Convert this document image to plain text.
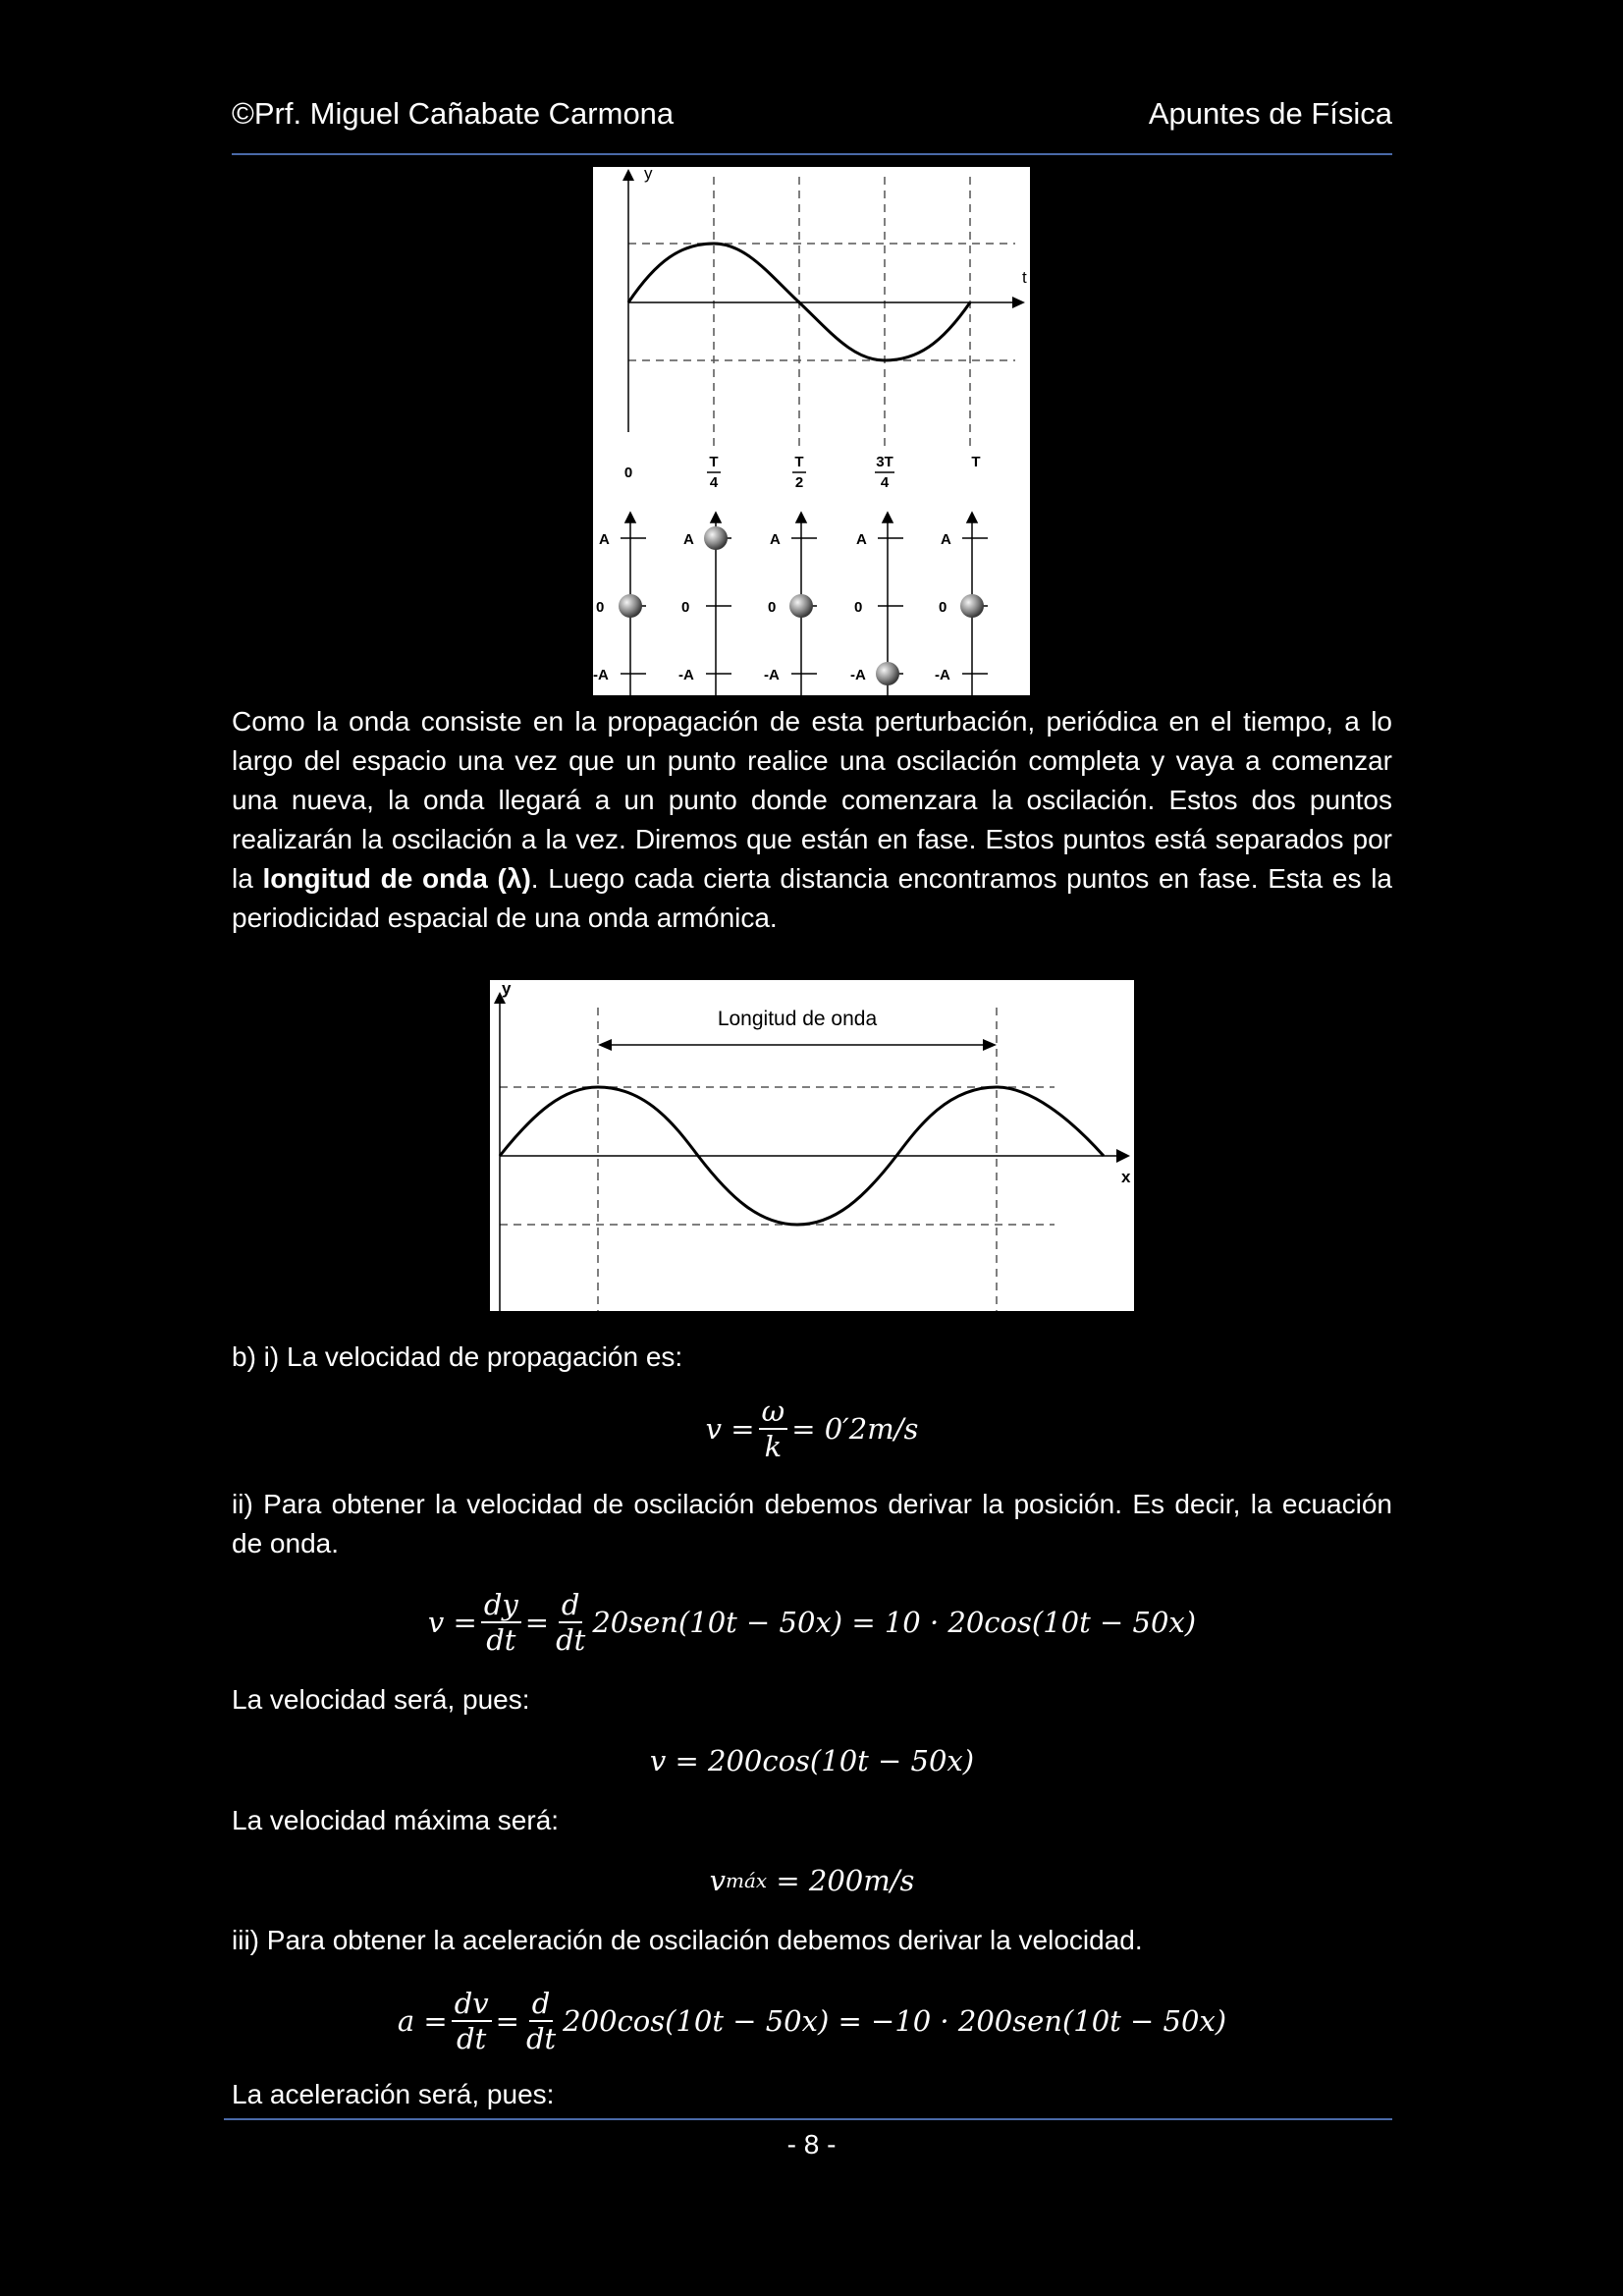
©Prf. Miguel Cañabate Carmona	Apuntes de Física
y
t
0
T
4
T
2
3T
4
T
A
0
-A
A
0
-A
A
0
-A
A
0
-A
A
0
-A

Como la onda consiste en la propagación de esta perturbación, periódica en el tiempo, a lo largo del espacio una vez que un punto realice una oscilación completa y vaya a comenzar una nueva, la onda llegará a un punto donde comenzara la oscilación. Estos dos puntos realizarán la oscilación a la vez. Diremos que están en fase. Estos puntos está separados por la longitud de onda (λ). Luego cada cierta distancia encontramos puntos en fase. Esta es la periodicidad espacial de una onda armónica.

y
x
Longitud de onda

b) i) La velocidad de propagación es:

$v = \frac{\omega}{k} = 0'2m/s$

ii) Para obtener la velocidad de oscilación debemos derivar la posición. Es decir, la ecuación de onda.

$v = \frac{dy}{dt} = \frac{d}{dt} 20sen(10t - 50x) = 10 \cdot 20\cos(10t - 50x)$

La velocidad será, pues:

v = 200cos(10t − 50x)

La velocidad máxima será:

v máx
= 200m/s

iii) Para obtener la aceleración de oscilación debemos derivar la velocidad.

$a = \frac{dv}{dt} = \frac{d}{dt} 200\cos(10t - 50x) = -10 \cdot 200sen(10t - 50x)$

La aceleración será, pues:

- 8 -
